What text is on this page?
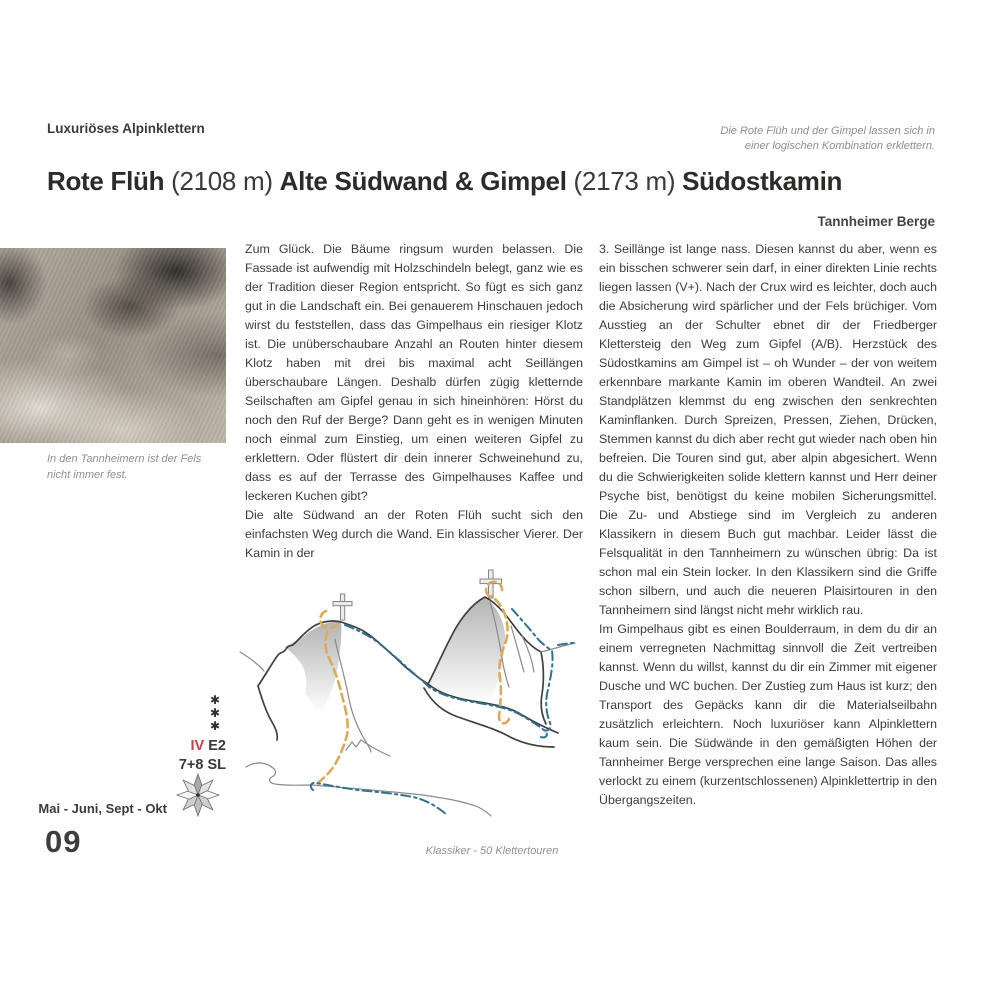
Luxuriöses Alpinklettern	Die Rote Flüh und der Gimpel lassen sich in einer logischen Kombination erklettern.
Rote Flüh (2108 m) Alte Südwand & Gimpel (2173 m) Südostkamin
Tannheimer Berge
In den Tannheimern ist der Fels nicht immer fest.

Zum Glück. Die Bäume ringsum wurden belassen. Die Fassade ist aufwendig mit Holzschindeln belegt, ganz wie es der Tradition dieser Region entspricht. So fügt es sich ganz gut in die Landschaft ein. Bei genauerem Hinschauen jedoch wirst du feststellen, dass das Gimpelhaus ein riesiger Klotz ist. Die unüberschaubare Anzahl an Routen hinter diesem Klotz haben mit drei bis maximal acht Seillängen überschaubare Längen. Deshalb dürfen zügig kletternde Seilschaften am Gipfel genau in sich hineinhören: Hörst du noch den Ruf der Berge? Dann geht es in wenigen Minuten noch einmal zum Einstieg, um einen weiteren Gipfel zu erklettern. Oder flüstert dir dein innerer Schweinehund zu, dass es auf der Terrasse des Gimpelhauses Kaffee und leckeren Kuchen gibt?

Die alte Südwand an der Roten Flüh sucht sich den einfachsten Weg durch die Wand. Ein klassischer Vierer. Der Kamin in der

3. Seillänge ist lange nass. Diesen kannst du aber, wenn es ein bisschen schwerer sein darf, in einer direkten Linie rechts liegen lassen (V+). Nach der Crux wird es leichter, doch auch die Absicherung wird spärlicher und der Fels brüchiger. Vom Ausstieg an der Schulter ebnet dir der Friedberger Klettersteig den Weg zum Gipfel (A/B). Herzstück des Südostkamins am Gimpel ist – oh Wunder – der von weitem erkennbare markante Kamin im oberen Wandteil. An zwei Standplätzen klemmst du eng zwischen den senkrechten Kaminflanken. Durch Spreizen, Pressen, Ziehen, Drücken, Stemmen kannst du dich aber recht gut wieder nach oben hin befreien. Die Touren sind gut, aber alpin abgesichert. Wenn du die Schwierigkeiten solide klettern kannst und Herr deiner Psyche bist, benötigst du keine mobilen Sicherungsmittel. Die Zu- und Abstiege sind im Vergleich zu anderen Klassikern in diesem Buch gut machbar. Leider lässt die Felsqualität in den Tannheimern zu wünschen übrig: Da ist schon mal ein Stein locker. In den Klassikern sind die Griffe schon silbern, und auch die neueren Plaisirtouren in den Tannheimern sind längst nicht mehr wirklich rau.

Im Gimpelhaus gibt es einen Boulderraum, in dem du dir an einem verregneten Nachmittag sinnvoll die Zeit vertreiben kannst. Wenn du willst, kannst du dir ein Zimmer mit eigener Dusche und WC buchen. Der Zustieg zum Haus ist kurz; den Transport des Gepäcks kann dir die Materialseilbahn zusätzlich erleichtern. Noch luxuriöser kann Alpinklettern kaum sein. Die Südwände in den gemäßigten Höhen der Tannheimer Berge versprechen eine lange Saison. Das alles verlockt zu einem (kurzentschlossenen) Alpinklettertrip in den Übergangszeiten.

✱
✱
✱
IV E2
7+8 SL
Mai - Juni, Sept - Okt
09	Klassiker - 50 Klettertouren
